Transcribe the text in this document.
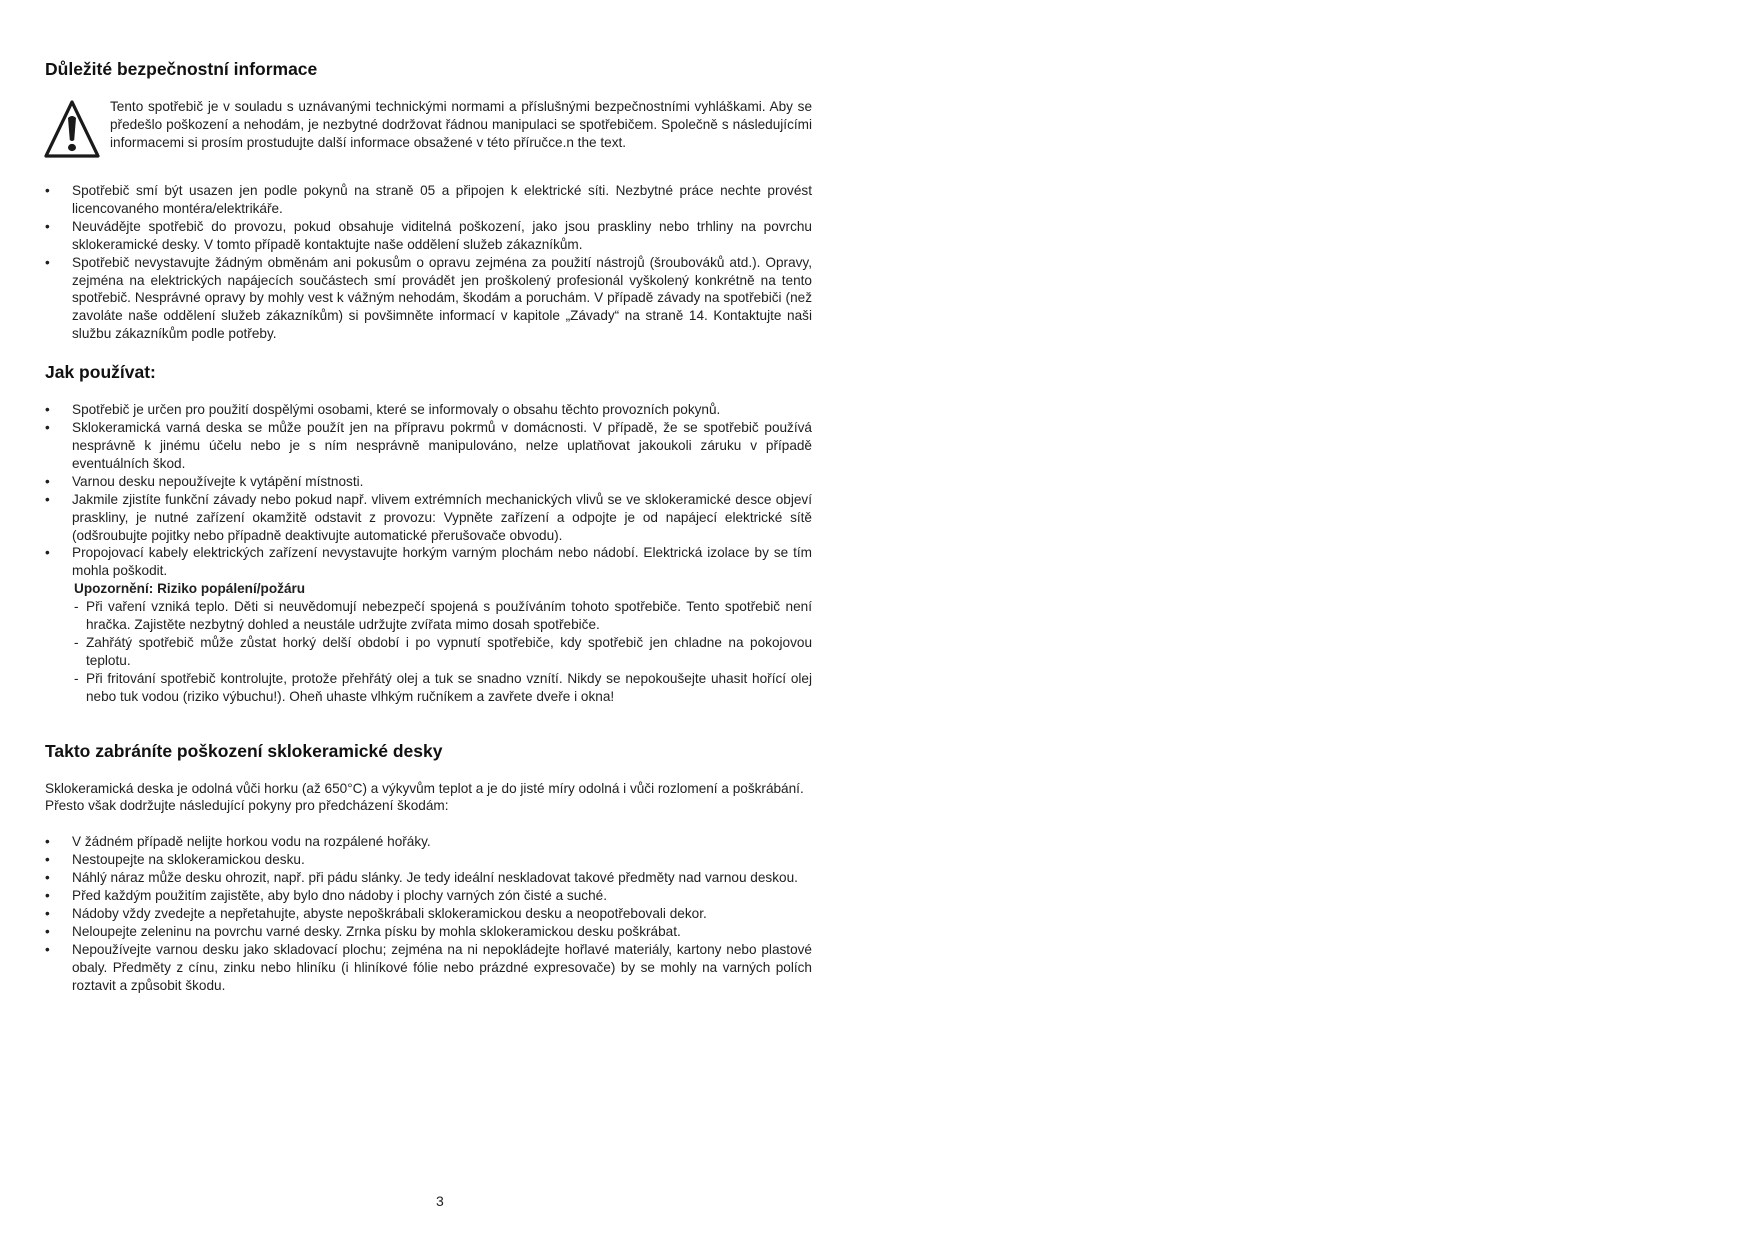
Důležité bezpečnostní informace

Tento spotřebič je v souladu s uznávanými technickými normami a příslušnými bezpečnostními vyhláškami. Aby se předešlo poškození a nehodám, je nezbytné dodržovat řádnou manipulaci se spotřebičem. Společně s následujícími informacemi si prosím prostudujte další informace obsažené v této příručce.n the text.

• Spotřebič smí být usazen jen podle pokynů na straně 05 a připojen k elektrické síti. Nezbytné práce nechte provést licencovaného montéra/elektrikáře.
• Neuvádějte spotřebič do provozu, pokud obsahuje viditelná poškození, jako jsou praskliny nebo trhliny na povrchu sklokeramické desky. V tomto případě kontaktujte naše oddělení služeb zákazníkům.
• Spotřebič nevystavujte žádným obměnám ani pokusům o opravu zejména za použití nástrojů (šroubováků atd.). Opravy, zejména na elektrických napájecích součástech smí provádět jen proškolený profesionál vyškolený konkrétně na tento spotřebič. Nesprávné opravy by mohly vest k vážným nehodám, škodám a poruchám. V případě závady na spotřebiči (než zavoláte naše oddělení služeb zákazníkům) si povšimněte informací v kapitole „Závady“ na straně 14. Kontaktujte naši službu zákazníkům podle potřeby.
Jak používat:
• Spotřebič je určen pro použití dospělými osobami, které se informovaly o obsahu těchto provozních pokynů.
• Sklokeramická varná deska se může použít jen na přípravu pokrmů v domácnosti. V případě, že se spotřebič používá nesprávně k jinému účelu nebo je s ním nesprávně manipulováno, nelze uplatňovat jakoukoli záruku v případě eventuálních škod.
• Varnou desku nepoužívejte k vytápění místnosti.
• Jakmile zjistíte funkční závady nebo pokud např. vlivem extrémních mechanických vlivů se ve sklokeramické desce objeví praskliny, je nutné zařízení okamžitě odstavit z provozu: Vypněte zařízení a odpojte je od napájecí elektrické sítě (odšroubujte pojitky nebo případně deaktivujte automatické přerušovače obvodu).
• Propojovací kabely elektrických zařízení nevystavujte horkým varným plochám nebo nádobí. Elektrická izolace by se tím mohla poškodit.
Upozornění: Riziko popálení/požáru
- Při vaření vzniká teplo. Děti si neuvědomují nebezpečí spojená s používáním tohoto spotřebiče. Tento spotřebič není hračka. Zajistěte nezbytný dohled a neustále udržujte zvířata mimo dosah spotřebiče.
- Zahřátý spotřebič může zůstat horký delší období i po vypnutí spotřebiče, kdy spotřebič jen chladne na pokojovou teplotu.
- Při fritování spotřebič kontrolujte, protože přehřátý olej a tuk se snadno vznítí. Nikdy se nepokoušejte uhasit hořící olej nebo tuk vodou (riziko výbuchu!). Oheň uhaste vlhkým ručníkem a zavřete dveře i okna!
Takto zabráníte poškození sklokeramické desky

Sklokeramická deska je odolná vůči horku (až 650°C) a výkyvům teplot a je do jisté míry odolná i vůči rozlomení a poškrábání.

Přesto však dodržujte následující pokyny pro předcházení škodám:

• V žádném případě nelijte horkou vodu na rozpálené hořáky.
• Nestoupejte na sklokeramickou desku.
• Náhlý náraz může desku ohrozit, např. při pádu slánky. Je tedy ideální neskladovat takové předměty nad varnou deskou.
• Před každým použitím zajistěte, aby bylo dno nádoby i plochy varných zón čisté a suché.
• Nádoby vždy zvedejte a nepřetahujte, abyste nepoškrábali sklokeramickou desku a neopotřebovali dekor.
• Neloupejte zeleninu na povrchu varné desky. Zrnka písku by mohla sklokeramickou desku poškrábat.
• Nepoužívejte varnou desku jako skladovací plochu; zejména na ni nepokládejte hořlavé materiály, kartony nebo plastové obaly. Předměty z cínu, zinku nebo hliníku (i hliníkové fólie nebo prázdné expresovače) by se mohly na varných polích roztavit a způsobit škodu.
3
